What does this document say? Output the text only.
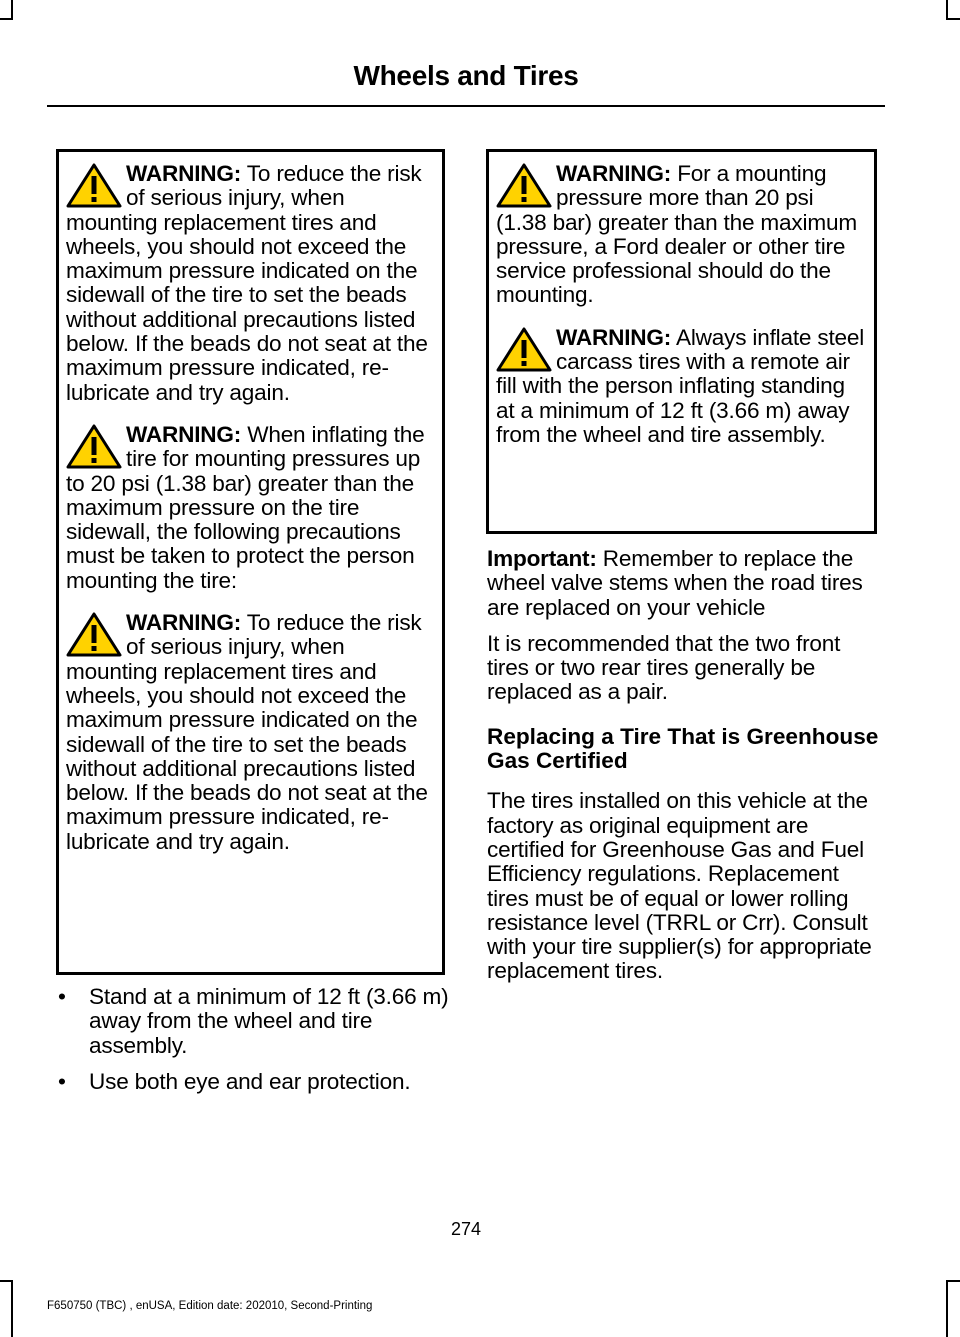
Wheels and Tires
WARNING: To reduce the risk of serious injury, when mounting replacement tires and wheels, you should not exceed the maximum pressure indicated on the sidewall of the tire to set the beads without additional precautions listed below. If the beads do not seat at the maximum pressure indicated, re-lubricate and try again.
WARNING: When inflating the tire for mounting pressures up to 20 psi (1.38 bar) greater than the maximum pressure on the tire sidewall, the following precautions must be taken to protect the person mounting the tire:
WARNING: To reduce the risk of serious injury, when mounting replacement tires and wheels, you should not exceed the maximum pressure indicated on the sidewall of the tire to set the beads without additional precautions listed below. If the beads do not seat at the maximum pressure indicated, re-lubricate and try again.
• Stand at a minimum of 12 ft (3.66 m) away from the wheel and tire assembly.
• Use both eye and ear protection.
WARNING: For a mounting pressure more than 20 psi (1.38 bar) greater than the maximum pressure, a Ford dealer or other tire service professional should do the mounting.
WARNING: Always inflate steel carcass tires with a remote air fill with the person inflating standing at a minimum of 12 ft (3.66 m) away from the wheel and tire assembly.

Important: Remember to replace the wheel valve stems when the road tires are replaced on your vehicle

It is recommended that the two front tires or two rear tires generally be replaced as a pair.

Replacing a Tire That is Greenhouse Gas Certified

The tires installed on this vehicle at the factory as original equipment are certified for Greenhouse Gas and Fuel Efficiency regulations. Replacement tires must be of equal or lower rolling resistance level (TRRL or Crr). Consult with your tire supplier(s) for appropriate replacement tires.

274
F650750 (TBC) , enUSA, Edition date: 202010, Second-Printing
